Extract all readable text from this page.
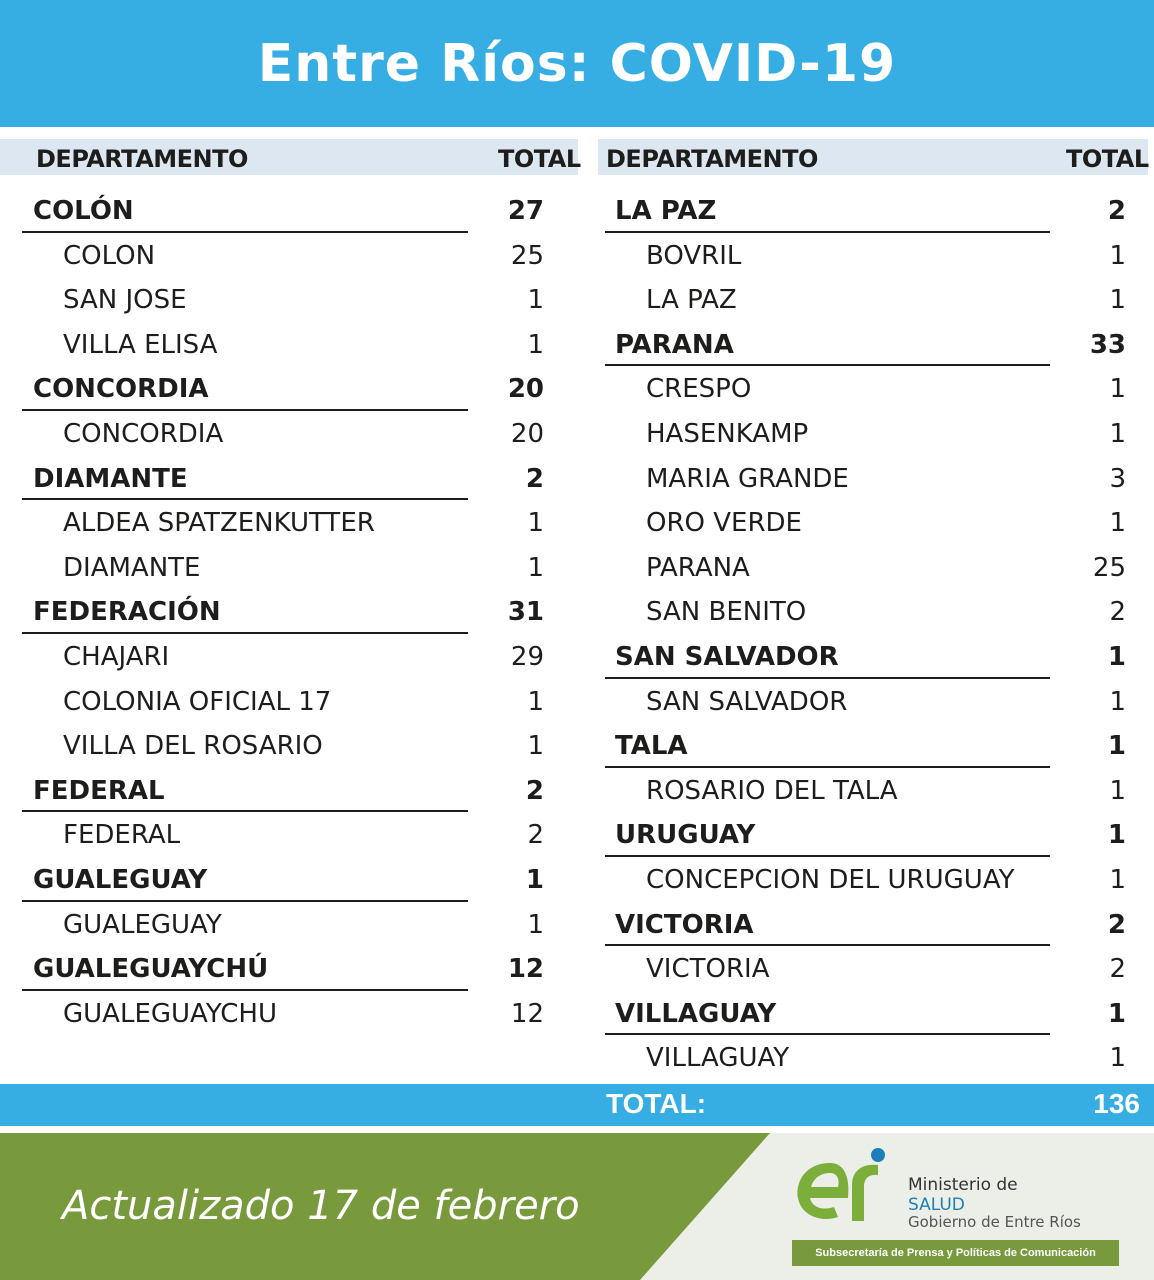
Entre Ríos: COVID-19
DEPARTAMENTO	TOTAL DEPARTAMENTO	TOTAL
COLÓN	27
COLON	25
SAN JOSE	1
VILLA ELISA	1
CONCORDIA	20
CONCORDIA	20
DIAMANTE	2
ALDEA SPATZENKUTTER	1
DIAMANTE	1
FEDERACIÓN	31
CHAJARI	29
COLONIA OFICIAL 17	1
VILLA DEL ROSARIO	1
FEDERAL	2
FEDERAL	2
GUALEGUAY	1
GUALEGUAY	1
GUALEGUAYCHÚ	12
GUALEGUAYCHU	12
LA PAZ	2
BOVRIL	1
LA PAZ	1
PARANA	33
CRESPO	1
HASENKAMP	1
MARIA GRANDE	3
ORO VERDE	1
PARANA	25
SAN BENITO	2
SAN SALVADOR	1
SAN SALVADOR	1
TALA	1
ROSARIO DEL TALA	1
URUGUAY	1
CONCEPCION DEL URUGUAY	1
VICTORIA	2
VICTORIA	2
VILLAGUAY	1
VILLAGUAY	1
TOTAL:	136
Actualizado 17 de febrero	Ministerio de
SALUD
Gobierno de Entre Ríos
Subsecretaría de Prensa y Políticas de Comunicación
